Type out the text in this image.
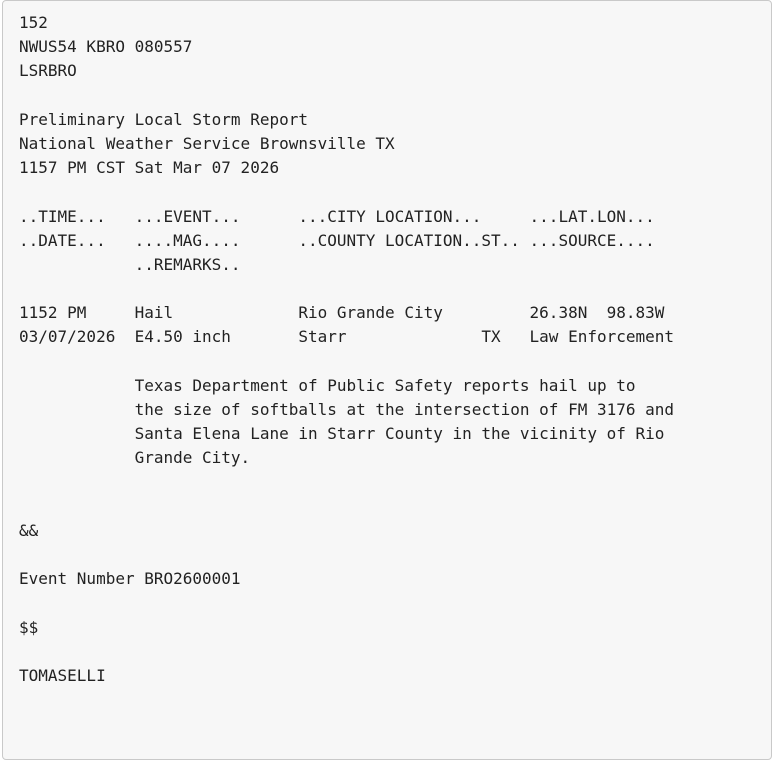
152
NWUS54 KBRO 080557
LSRBRO
Preliminary Local Storm Report
National Weather Service Brownsville TX
1157 PM CST Sat Mar 07 2026
..TIME...   ...EVENT...      ...CITY LOCATION...     ...LAT.LON...
..DATE...   ....MAG....      ..COUNTY LOCATION..ST.. ...SOURCE....
..REMARKS..
1152 PM     Hail             Rio Grande City         26.38N  98.83W
03/07/2026  E4.50 inch       Starr              TX   Law Enforcement
Texas Department of Public Safety reports hail up to
the size of softballs at the intersection of FM 3176 and
Santa Elena Lane in Starr County in the vicinity of Rio
Grande City.
&&
Event Number BRO2600001
$$
TOMASELLI
